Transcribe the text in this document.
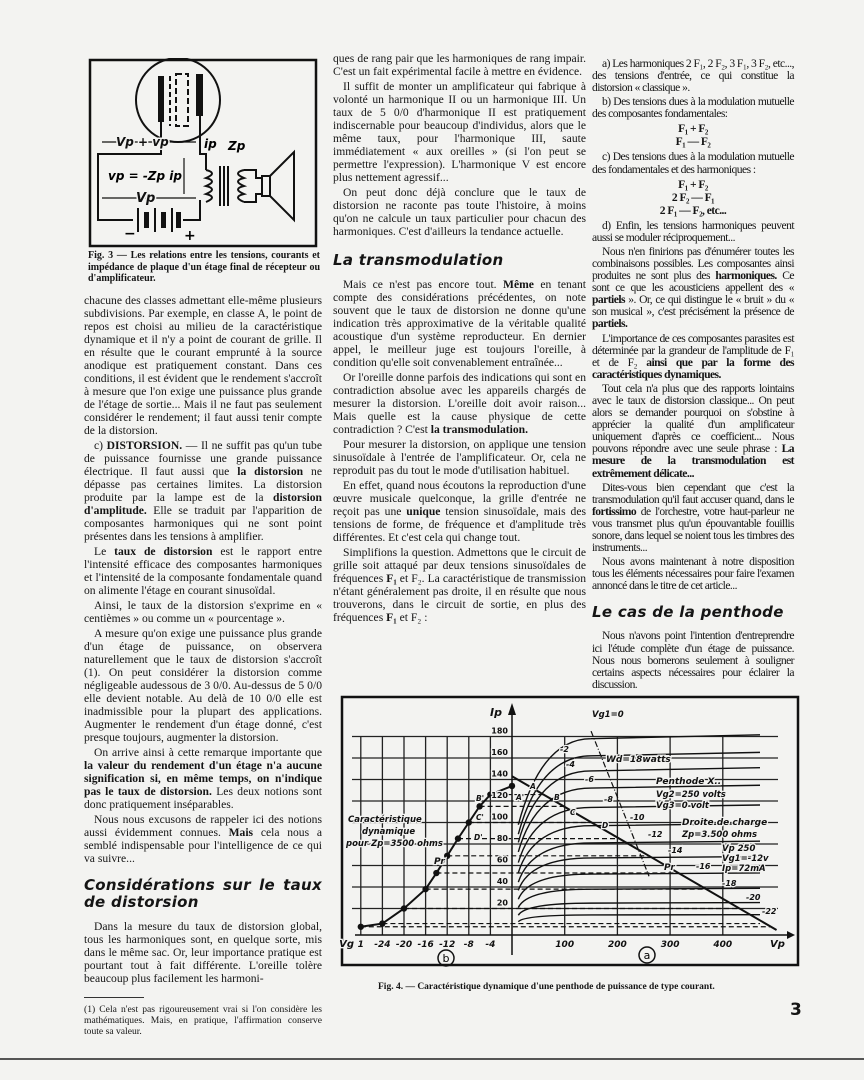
Vp + vp	ip Zp
vp = -Zp ip
Vp
−	+
Fig. 3 — Les relations entre les tensions, courants et impédance de plaque d'un étage final de récepteur ou d'amplificateur.

chacune des classes admettant elle-même plusieurs subdivisions. Par exemple, en classe A, le point de repos est choisi au milieu de la caractéristique dynamique et il n'y a point de courant de grille. Il en résulte que le courant emprunté à la source anodique est pratiquement constant. Dans ces conditions, il est évident que le rendement s'accroît à mesure que l'on exige une puissance plus grande de l'étage de sortie... Mais il ne faut pas seulement considérer le rendement; il faut aussi tenir compte de la distorsion.

c) DISTORSION. — Il ne suffit pas qu'un tube de puissance fournisse une grande puissance électrique. Il faut aussi que la distorsion ne dépasse pas certaines limites. La distorsion produite par la lampe est de la distorsion d'amplitude. Elle se traduit par l'apparition de composantes harmoniques qui ne sont point présentes dans les tensions à amplifier.

Le taux de distorsion est le rapport entre l'intensité efficace des composantes harmoniques et l'intensité de la composante fondamentale quand on alimente l'étage en courant sinusoïdal.

Ainsi, le taux de la distorsion s'exprime en « centièmes » ou comme un « pourcentage ».

A mesure qu'on exige une puissance plus grande d'un étage de puissance, on observera naturellement que le taux de distorsion s'accroît (1). On peut considérer la distorsion comme négligeable audessous de 3 0/0. Au-dessus de 5 0/0 elle devient notable. Au delà de 10 0/0 elle est inadmissible pour la plupart des applications. Augmenter le rendement d'un étage donné, c'est presque toujours, augmenter la distorsion.

On arrive ainsi à cette remarque importante que la valeur du rendement d'un étage n'a aucune signification si, en même temps, on n'indique pas le taux de distorsion. Les deux notions sont donc pratiquement inséparables.

Nous nous excusons de rappeler ici des notions aussi évidemment connues. Mais cela nous a semblé indispensable pour l'intelligence de ce qui va suivre...

Considérations sur le taux de distorsion

Dans la mesure du taux de distorsion global, tous les harmoniques sont, en quelque sorte, mis dans le même sac. Or, leur importance pratique est pourtant tout à fait différente. L'oreille tolère beaucoup plus facilement les harmoni-

(1) Cela n'est pas rigoureusement vrai si l'on considère les mathématiques. Mais, en pratique, l'affirmation conserve toute sa valeur.

ques de rang pair que les harmoniques de rang impair. C'est un fait expérimental facile à mettre en évidence.

Il suffit de monter un amplificateur qui fabrique à volonté un harmonique II ou un harmonique III. Un taux de 5 0/0 d'harmonique II est pratiquement indiscernable pour beaucoup d'individus, alors que le même taux, pour l'harmonique III, saute immédiatement « aux oreilles » (si l'on peut se permettre l'expression). L'harmonique V est encore plus nettement agressif...

On peut donc déjà conclure que le taux de distorsion ne raconte pas toute l'histoire, à moins qu'on ne calcule un taux particulier pour chacun des harmoniques. C'est d'ailleurs la tendance actuelle.

La transmodulation

Mais ce n'est pas encore tout. Même en tenant compte des considérations précédentes, on note souvent que le taux de distorsion ne donne qu'une indication très approximative de la véritable qualité acoustique d'un système reproducteur. En dernier appel, le meilleur juge est toujours l'oreille, à condition qu'elle soit convenablement entraînée...

Or l'oreille donne parfois des indications qui sont en contradiction absolue avec les appareils chargés de mesurer la distorsion. L'oreille doit avoir raison... Mais quelle est la cause physique de cette contradiction ? C'est la transmodulation.

Pour mesurer la distorsion, on applique une tension sinusoïdale à l'entrée de l'amplificateur. Or, cela ne reproduit pas du tout le mode d'utilisation habituel.

En effet, quand nous écoutons la reproduction d'une œuvre musicale quelconque, la grille d'entrée ne reçoit pas une unique tension sinusoïdale, mais des tensions de forme, de fréquence et d'amplitude très différentes. Et c'est cela qui change tout.

Simplifions la question. Admettons que le circuit de grille soit attaqué par deux tensions sinusoïdales de fréquences F₁ et F₂. La caractéristique de transmission n'étant généralement pas droite, il en résulte que nous trouverons, dans le circuit de sortie, en plus des fréquences F₁ et F₂ :

a) Les harmoniques 2 F₁, 2 F₂, 3 F₁, 3 F₂, etc..., des tensions d'entrée, ce qui constitue la distorsion « classique ».

b) Des tensions dues à la modulation mutuelle des composantes fondamentales:

F₁ + F₂
F₁ — F₂

c) Des tensions dues à la modulation mutuelle des fondamentales et des harmoniques :

F₁ + F₂
2 F₂ — F₁
2 F₁ — F₂, etc...

d) Enfin, les tensions harmoniques peuvent aussi se moduler réciproquement...

Nous n'en finirions pas d'énumérer toutes les combinaisons possibles. Les composantes ainsi produites ne sont plus des harmoniques. Ce sont ce que les acousticiens appellent des « partiels ». Or, ce qui distingue le « bruit » du « son musical », c'est précisément la présence de partiels.

L'importance de ces composantes parasites est déterminée par la grandeur de l'amplitude de F₁ et de F₂ ainsi que par la forme des caractéristiques dynamiques.

Tout cela n'a plus que des rapports lointains avec le taux de distorsion classique... On peut alors se demander pourquoi on s'obstine à apprécier la qualité d'un amplificateur uniquement d'après ce coefficient... Nous pouvons répondre avec une seule phrase : La mesure de la transmodulation est extrêmement délicate...

Dites-vous bien cependant que c'est la transmodulation qu'il faut accuser quand, dans le fortissimo de l'orchestre, votre haut-parleur ne vous transmet plus qu'un épouvantable fouillis sonore, dans lequel se noient tous les timbres des instruments...

Nous avons maintenant à notre disposition tous les éléments nécessaires pour faire l'examen annoncé dans le titre de cet article...

Le cas de la penthode

Nous n'avons point l'intention d'entreprendre ici l'étude complète d'un étage de puissance. Nous nous bornerons seulement à souligner certains aspects nécessaires pour éclairer la discussion.

20
40
60
80
100
120
140
160
180
1 -24 -20 -16 -12 -8 -4	100	200	300	400
Ip
Vg	Vp
-2
-4
-6
-8
-10
-12
-14
-16
-18
-20
-22
Vg1=0
Wd=18watts
Penthode X..
Vg2=250 volts
Vg3=0 volt
Droite de charge
Zp=3.500 ohms
Pr
Vp 250
Vg1=-12v
Ip=72mA
Pr
Caractéristique
dynamique
pour Zp=3500 ohms
A
B
C
D
A'
B'
C'
D'
b	a
Fig. 4. — Caractéristique dynamique d'une penthode de puissance de type courant.
3
